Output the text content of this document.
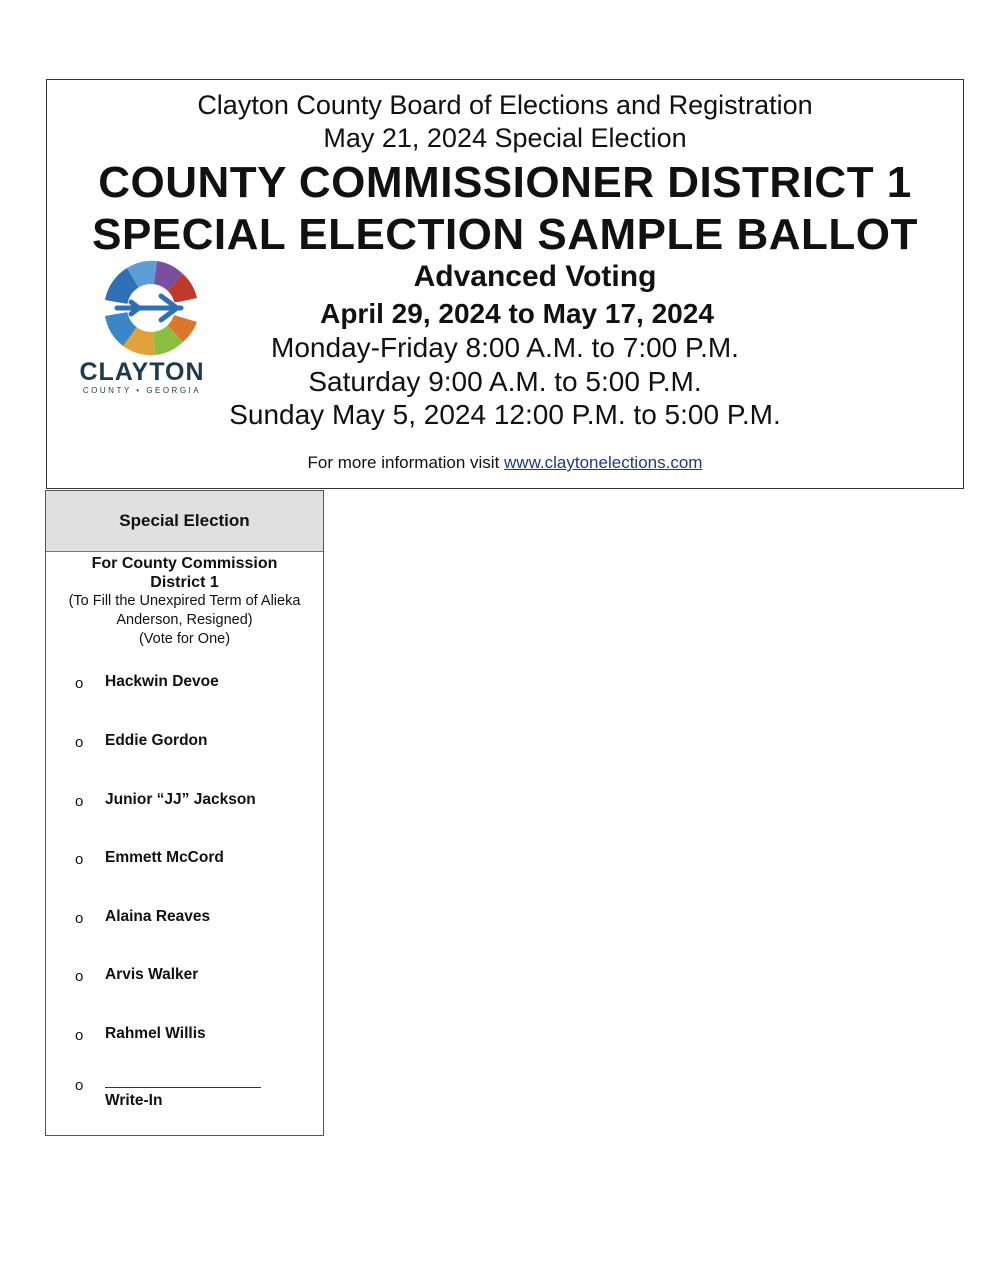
Clayton County Board of Elections and Registration
May 21, 2024 Special Election
COUNTY COMMISSIONER DISTRICT 1
SPECIAL ELECTION SAMPLE BALLOT
Advanced Voting
April 29, 2024 to May 17, 2024
Monday-Friday 8:00 A.M. to 7:00 P.M.
Saturday 9:00 A.M. to 5:00 P.M.
Sunday May 5, 2024 12:00 P.M. to 5:00 P.M.
For more information visit www.claytonelections.com
CLAYTON
COUNTY • GEORGIA
Special Election
For County Commission
District 1
(To Fill the Unexpired Term of Alieka
Anderson, Resigned)
(Vote for One)
o Hackwin Devoe
o Eddie Gordon
o Junior “JJ” Jackson
o Emmett McCord
o Alaina Reaves
o Arvis Walker
o Rahmel Willis
o
Write-In
